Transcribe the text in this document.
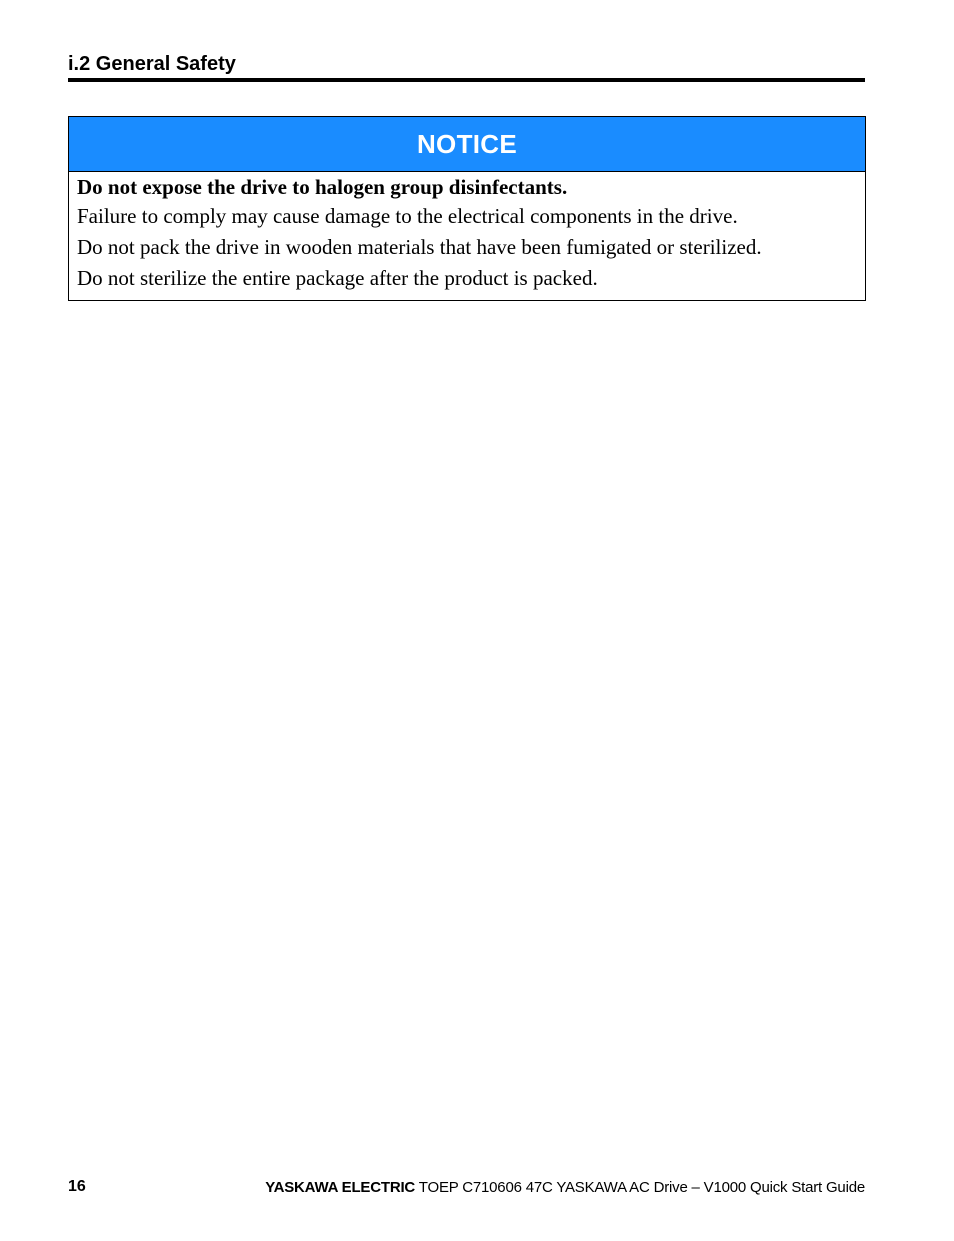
i.2 General Safety
NOTICE
Do not expose the drive to halogen group disinfectants.
Failure to comply may cause damage to the electrical components in the drive.
Do not pack the drive in wooden materials that have been fumigated or sterilized.
Do not sterilize the entire package after the product is packed.
16	YASKAWA ELECTRIC TOEP C710606 47C YASKAWA AC Drive – V1000 Quick Start Guide
